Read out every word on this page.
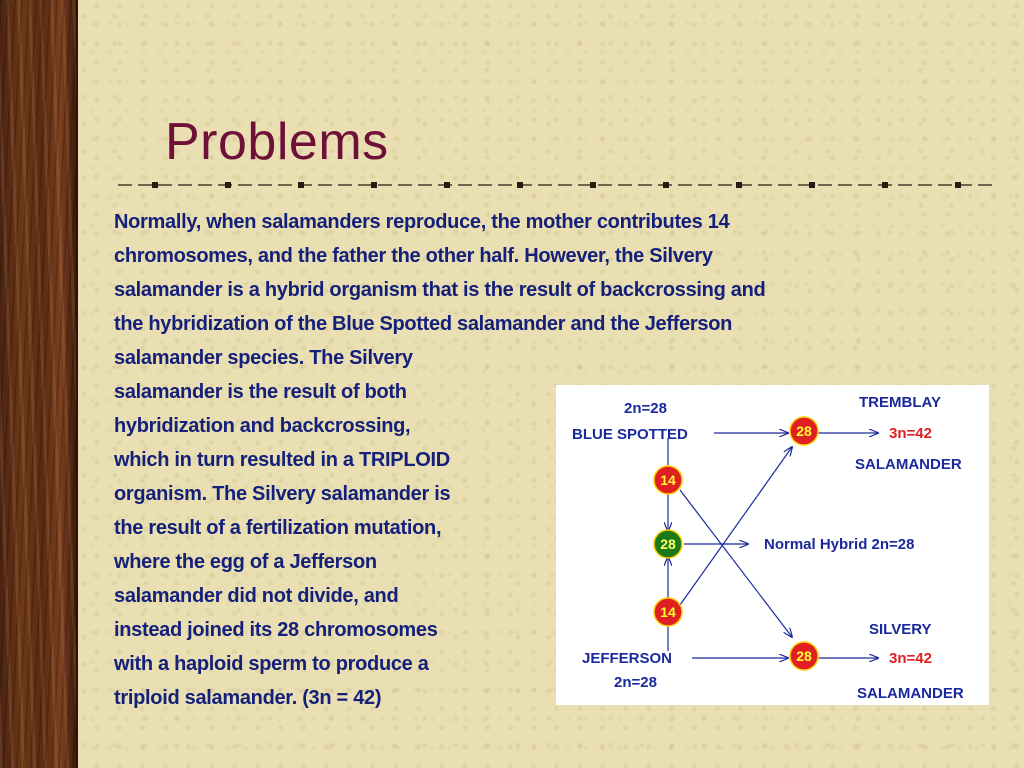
Problems
Normally, when salamanders reproduce, the mother contributes 14
chromosomes, and the father the other half. However, the Silvery
salamander is a hybrid organism that is the result of backcrossing and
the hybridization of the Blue Spotted salamander and the Jefferson
salamander species. The Silvery
salamander is the result of both
hybridization and backcrossing,
which in turn resulted in a TRIPLOID
organism. The Silvery salamander is
the result of a fertilization mutation,
where the egg of a Jefferson
salamander did not divide, and
instead joined its 28 chromosomes
with a haploid sperm to produce a
triploid salamander. (3n = 42)
2n=28
BLUE SPOTTED
JEFFERSON
2n=28
TREMBLAY
3n=42
SALAMANDER
Normal Hybrid 2n=28
SILVERY
3n=42
SALAMANDER
28
14
28
14
28
